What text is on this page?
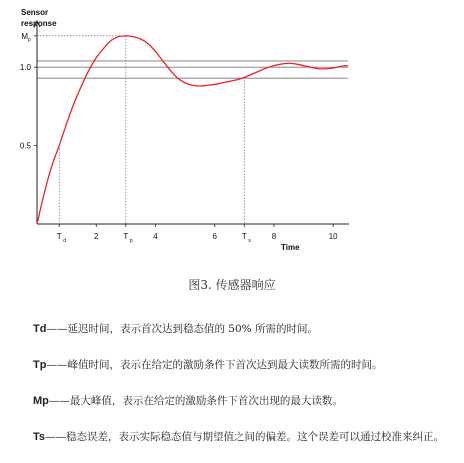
Sensor
response
Time
T d	2	T p	4	6	T s	8	10
0.5
1.0
M p
图3. 传感器响应

Td——延迟时间，表示首次达到稳态值的 50% 所需的时间。

Tp——峰值时间，表示在给定的激励条件下首次达到最大读数所需的时间。

Mp——最大峰值，表示在给定的激励条件下首次出现的最大读数。

Ts——稳态误差，表示实际稳态值与期望值之间的偏差。这个误差可以通过校准来纠正。
